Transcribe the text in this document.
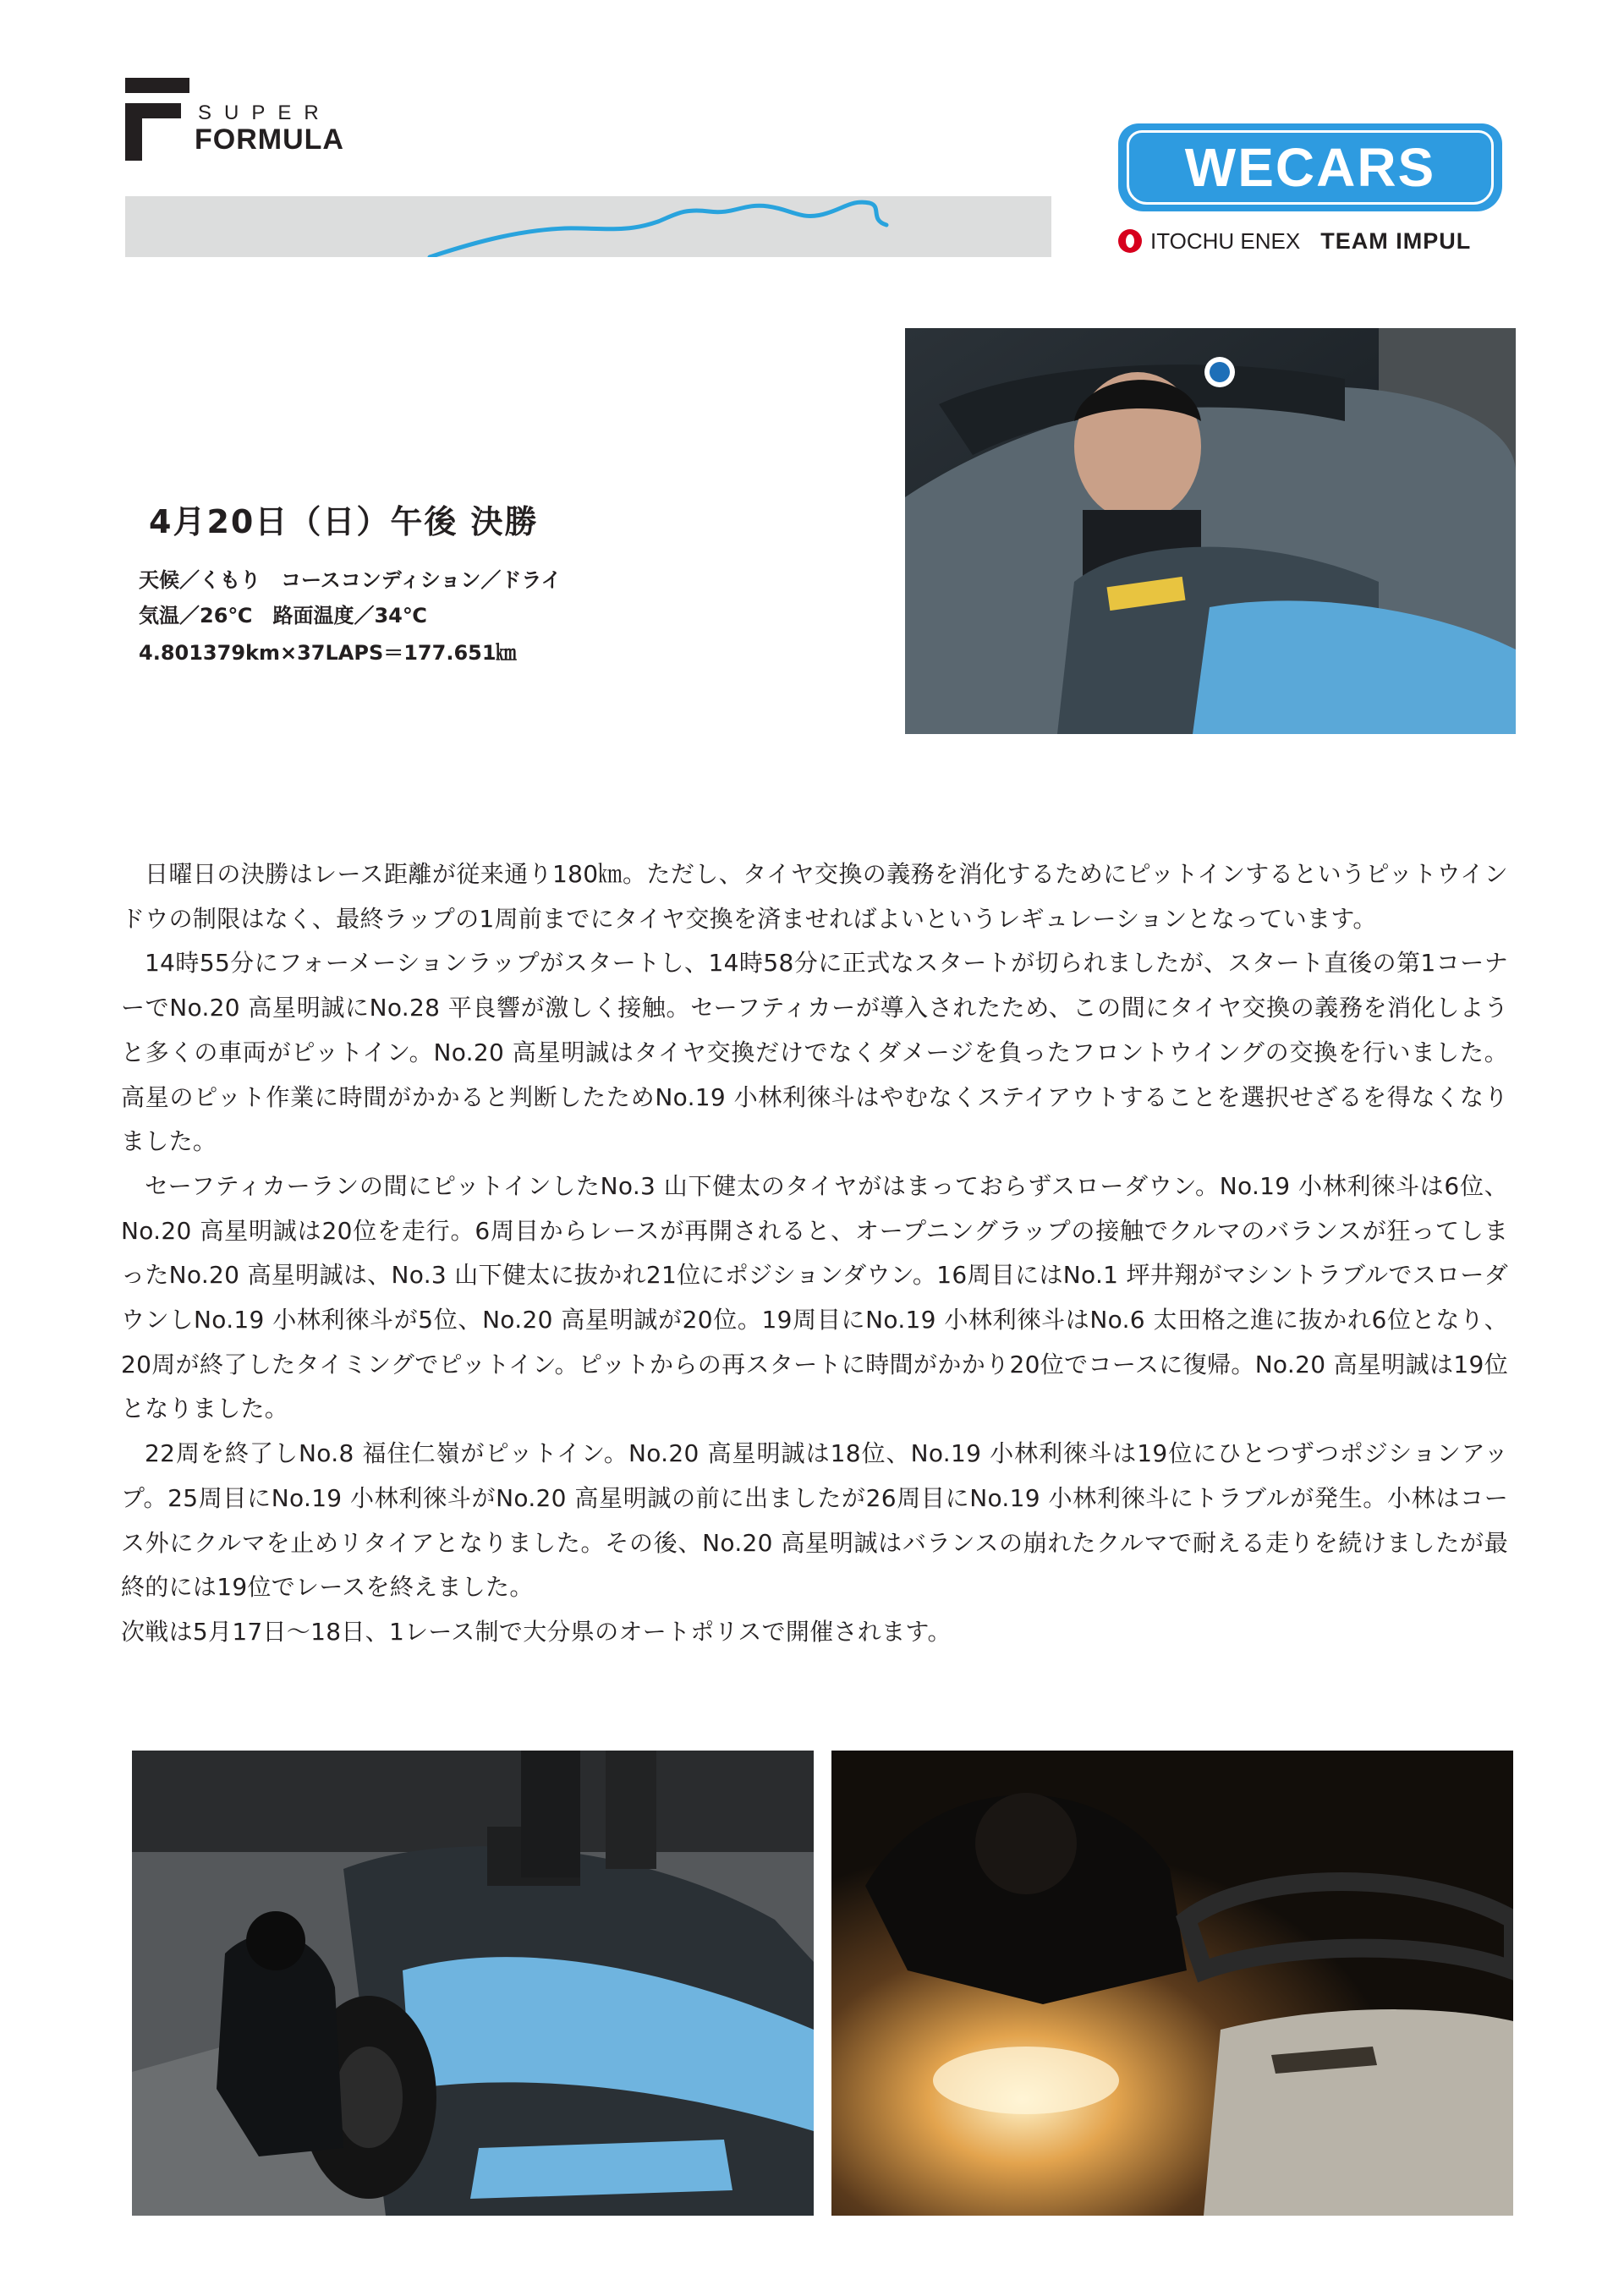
SUPER
FORMULA	WECARS
ITOCHU ENEX TEAM IMPUL
4月20日（日）午後 決勝
天候／くもり　コースコンディション／ドライ
気温／26℃　路面温度／34℃
4.801379km×37LAPS＝177.651㎞

日曜日の決勝はレース距離が従来通り180㎞。ただし、タイヤ交換の義務を消化するためにピットインするというピットウインドウの制限はなく、最終ラップの1周前までにタイヤ交換を済ませればよいというレギュレーションとなっています。

14時55分にフォーメーションラップがスタートし、14時58分に正式なスタートが切られましたが、スタート直後の第1コーナーでNo.20 高星明誠にNo.28 平良響が激しく接触。セーフティカーが導入されたため、この間にタイヤ交換の義務を消化しようと多くの車両がピットイン。No.20 高星明誠はタイヤ交換だけでなくダメージを負ったフロントウイングの交換を行いました。高星のピット作業に時間がかかると判断したためNo.19 小林利徠斗はやむなくステイアウトすることを選択せざるを得なくなりました。

セーフティカーランの間にピットインしたNo.3 山下健太のタイヤがはまっておらずスローダウン。No.19 小林利徠斗は6位、No.20 高星明誠は20位を走行。6周目からレースが再開されると、オープニングラップの接触でクルマのバランスが狂ってしまったNo.20 高星明誠は、No.3 山下健太に抜かれ21位にポジションダウン。16周目にはNo.1 坪井翔がマシントラブルでスローダウンしNo.19 小林利徠斗が5位、No.20 高星明誠が20位。19周目にNo.19 小林利徠斗はNo.6 太田格之進に抜かれ6位となり、20周が終了したタイミングでピットイン。ピットからの再スタートに時間がかかり20位でコースに復帰。No.20 高星明誠は19位となりました。

22周を終了しNo.8 福住仁嶺がピットイン。No.20 高星明誠は18位、No.19 小林利徠斗は19位にひとつずつポジションアップ。25周目にNo.19 小林利徠斗がNo.20 高星明誠の前に出ましたが26周目にNo.19 小林利徠斗にトラブルが発生。小林はコース外にクルマを止めリタイアとなりました。その後、No.20 高星明誠はバランスの崩れたクルマで耐える走りを続けましたが最終的には19位でレースを終えました。

次戦は5月17日～18日、1レース制で大分県のオートポリスで開催されます。
